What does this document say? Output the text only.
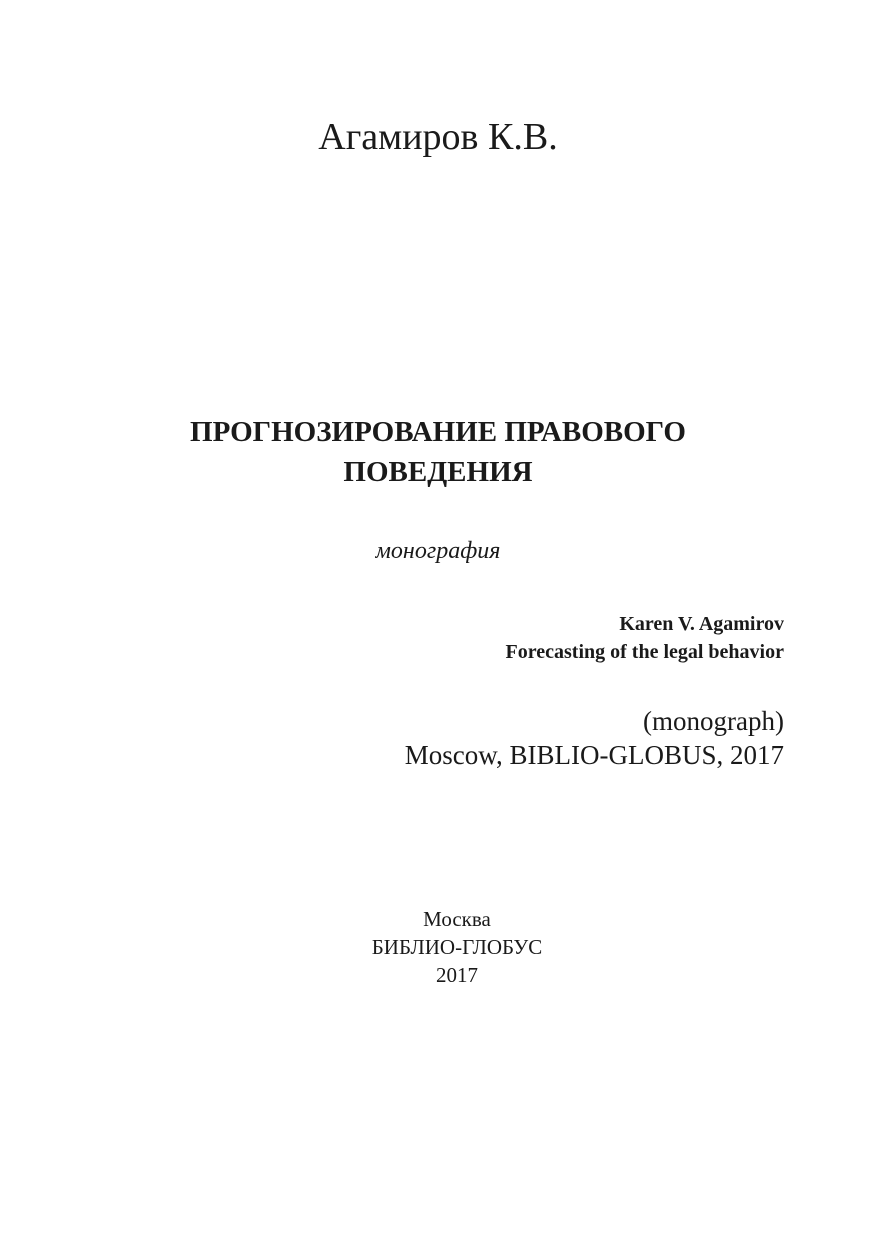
Агамиров К.В.
ПРОГНОЗИРОВАНИЕ ПРАВОВОГО
ПОВЕДЕНИЯ
монография
Karen V. Agamirov
Forecasting of the legal behavior
(monograph)
Moscow, BIBLIO-GLOBUS, 2017
Москва
БИБЛИО-ГЛОБУС
2017
